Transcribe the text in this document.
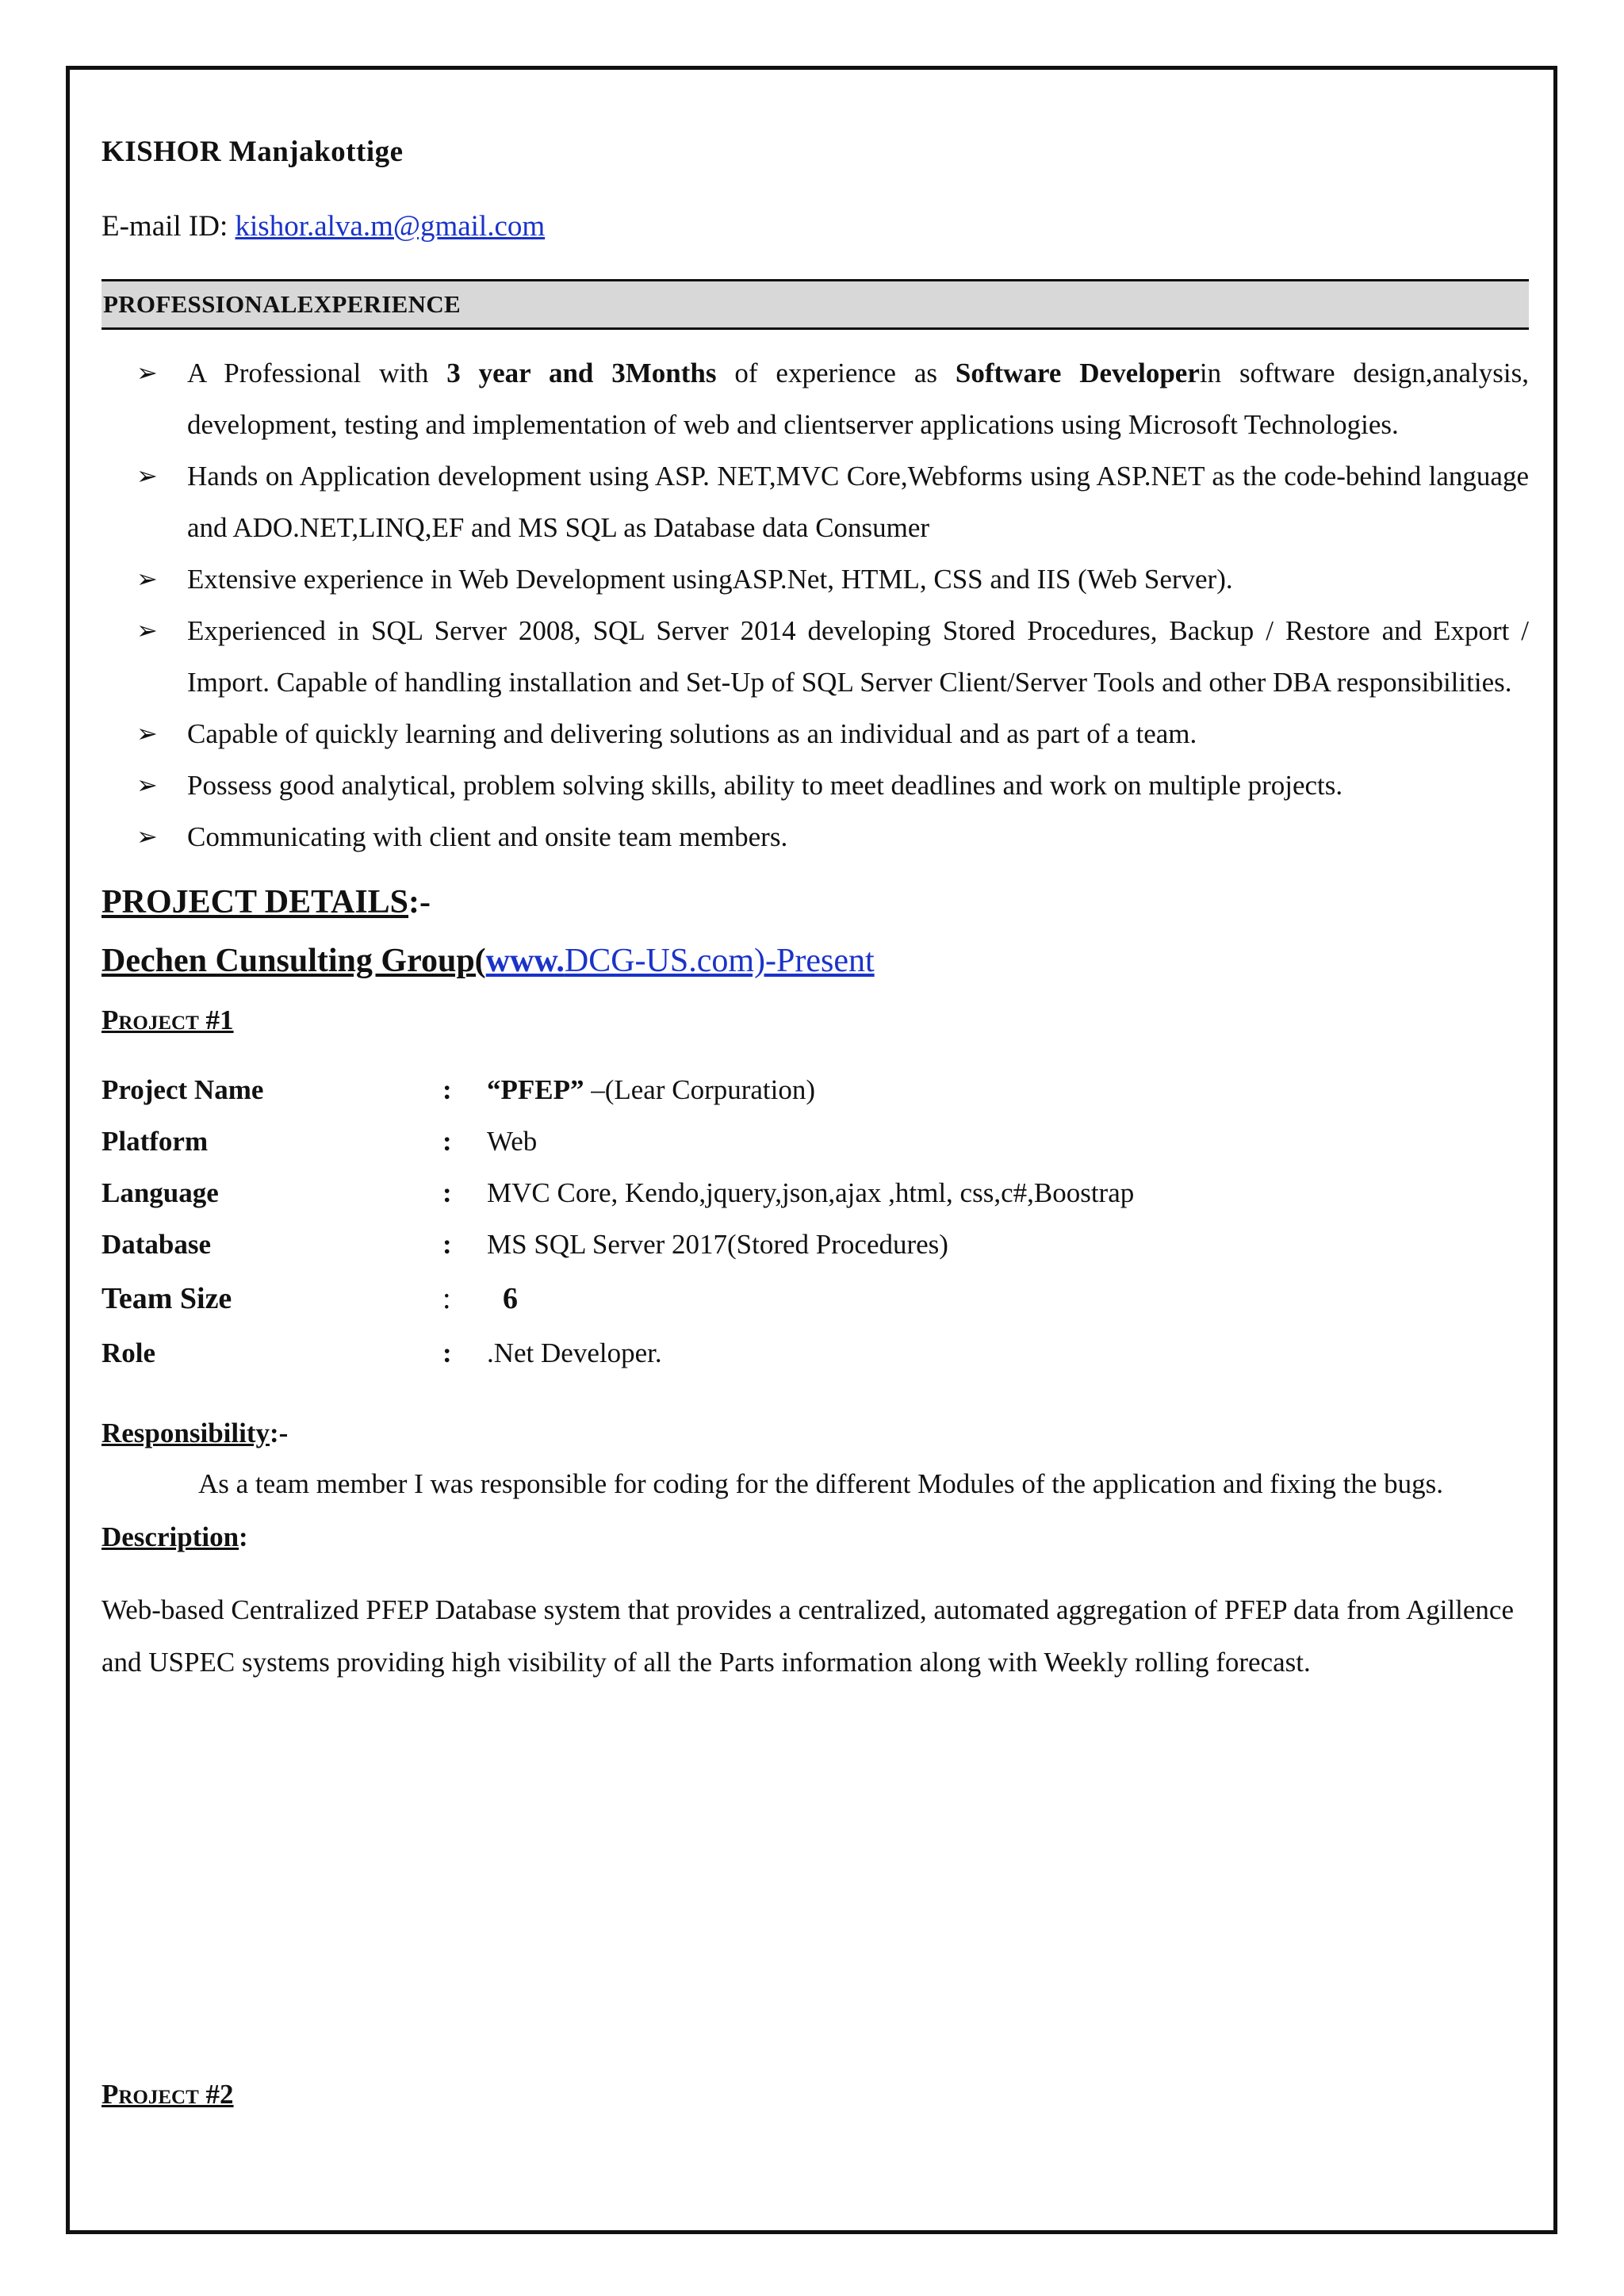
KISHOR Manjakottige
E-mail ID: kishor.alva.m@gmail.com
PROFESSIONALEXPERIENCE
➢ A Professional with 3 year and 3Months of experience as Software Developerin software design,analysis, development, testing and implementation of web and clientserver applications using Microsoft Technologies.
➢ Hands on Application development using ASP. NET,MVC Core,Webforms using ASP.NET as the code-behind language and ADO.NET,LINQ,EF and MS SQL as Database data Consumer
➢ Extensive experience in Web Development usingASP.Net, HTML, CSS and IIS (Web Server).
➢ Experienced in SQL Server 2008, SQL Server 2014 developing Stored Procedures, Backup / Restore and Export / Import. Capable of handling installation and Set-Up of SQL Server Client/Server Tools and other DBA responsibilities.
➢ Capable of quickly learning and delivering solutions as an individual and as part of a team.
➢ Possess good analytical, problem solving skills, ability to meet deadlines and work on multiple projects.
➢ Communicating with client and onsite team members.
PROJECT DETAILS:-
Dechen Cunsulting Group(www.DCG-US.com)-Present
Project #1
Project Name	:	“PFEP” –(Lear Corpuration)
Platform	:	Web
Language	:	MVC Core, Kendo,jquery,json,ajax ,html, css,c#,Boostrap
Database	:	MS SQL Server 2017(Stored Procedures)
Team Size	:	6
Role	:	.Net Developer.
Responsibility:-
As a team member I was responsible for coding for the different Modules of the application and fixing the bugs.
Description:
Web-based Centralized PFEP Database system that provides a centralized, automated aggregation of PFEP data from Agillence and USPEC systems providing high visibility of all the Parts information along with Weekly rolling forecast.
Project #2
